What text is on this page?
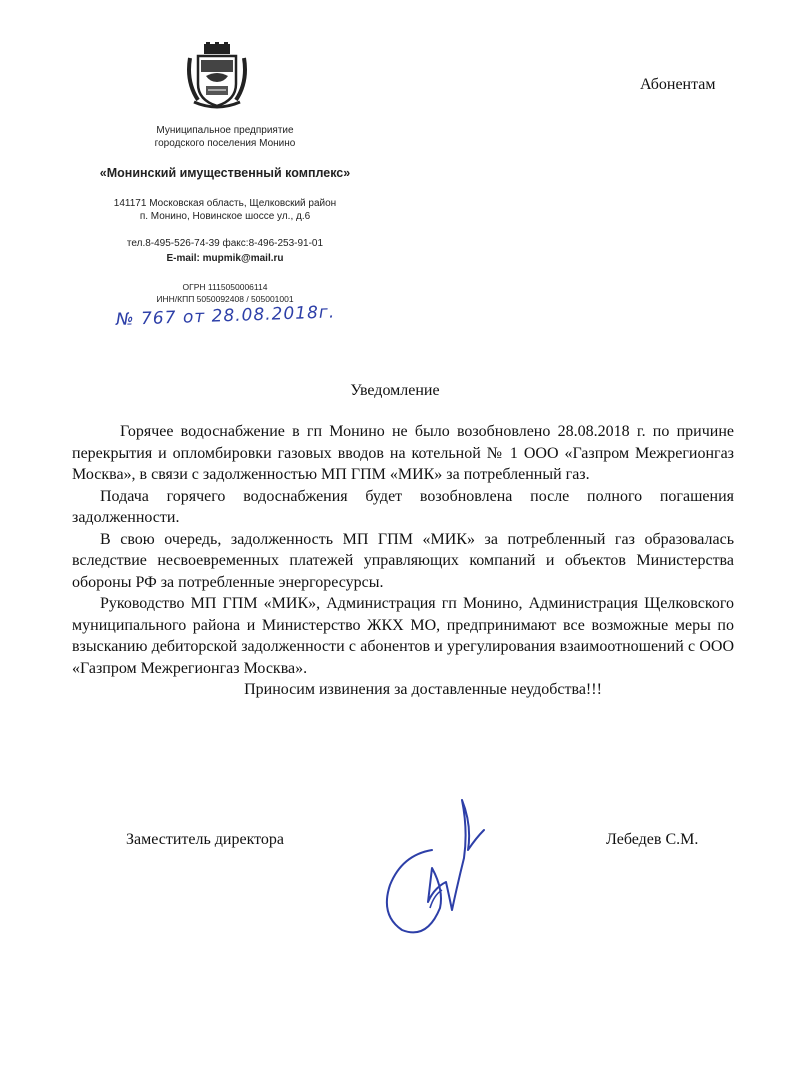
Муниципальное предприятие
городского поселения Монино
«Монинский имущественный комплекс»
141171 Московская область, Щелковский район
п. Монино, Новинское шоссе ул., д.6
тел.8-495-526-74-39 факс:8-496-253-91-01
E-mail: mupmik@mail.ru
ОГРН 1115050006114
ИНН/КПП 5050092408 / 505001001
№ 767 от 28.08.2018г.
Абонентам
Уведомление

Горячее водоснабжение в гп Монино не было возобновлено 28.08.2018 г. по причине перекрытия и опломбировки газовых вводов на котельной № 1 ООО «Газпром Межрегионгаз Москва», в связи с задолженностью МП ГПМ «МИК» за потребленный газ.

Подача горячего водоснабжения будет возобновлена после полного погашения задолженности.

В свою очередь, задолженность МП ГПМ «МИК» за потребленный газ образовалась вследствие несвоевременных платежей управляющих компаний и объектов Министерства обороны РФ за потребленные энергоресурсы.

Руководство МП ГПМ «МИК», Администрация гп Монино, Администрация Щелковского муниципального района и Министерство ЖКХ МО, предпринимают все возможные меры по взысканию дебиторской задолженности с абонентов и урегулирования взаимоотношений с ООО «Газпром Межрегионгаз Москва».

Приносим извинения за доставленные неудобства!!!

Заместитель директора	Лебедев С.М.
